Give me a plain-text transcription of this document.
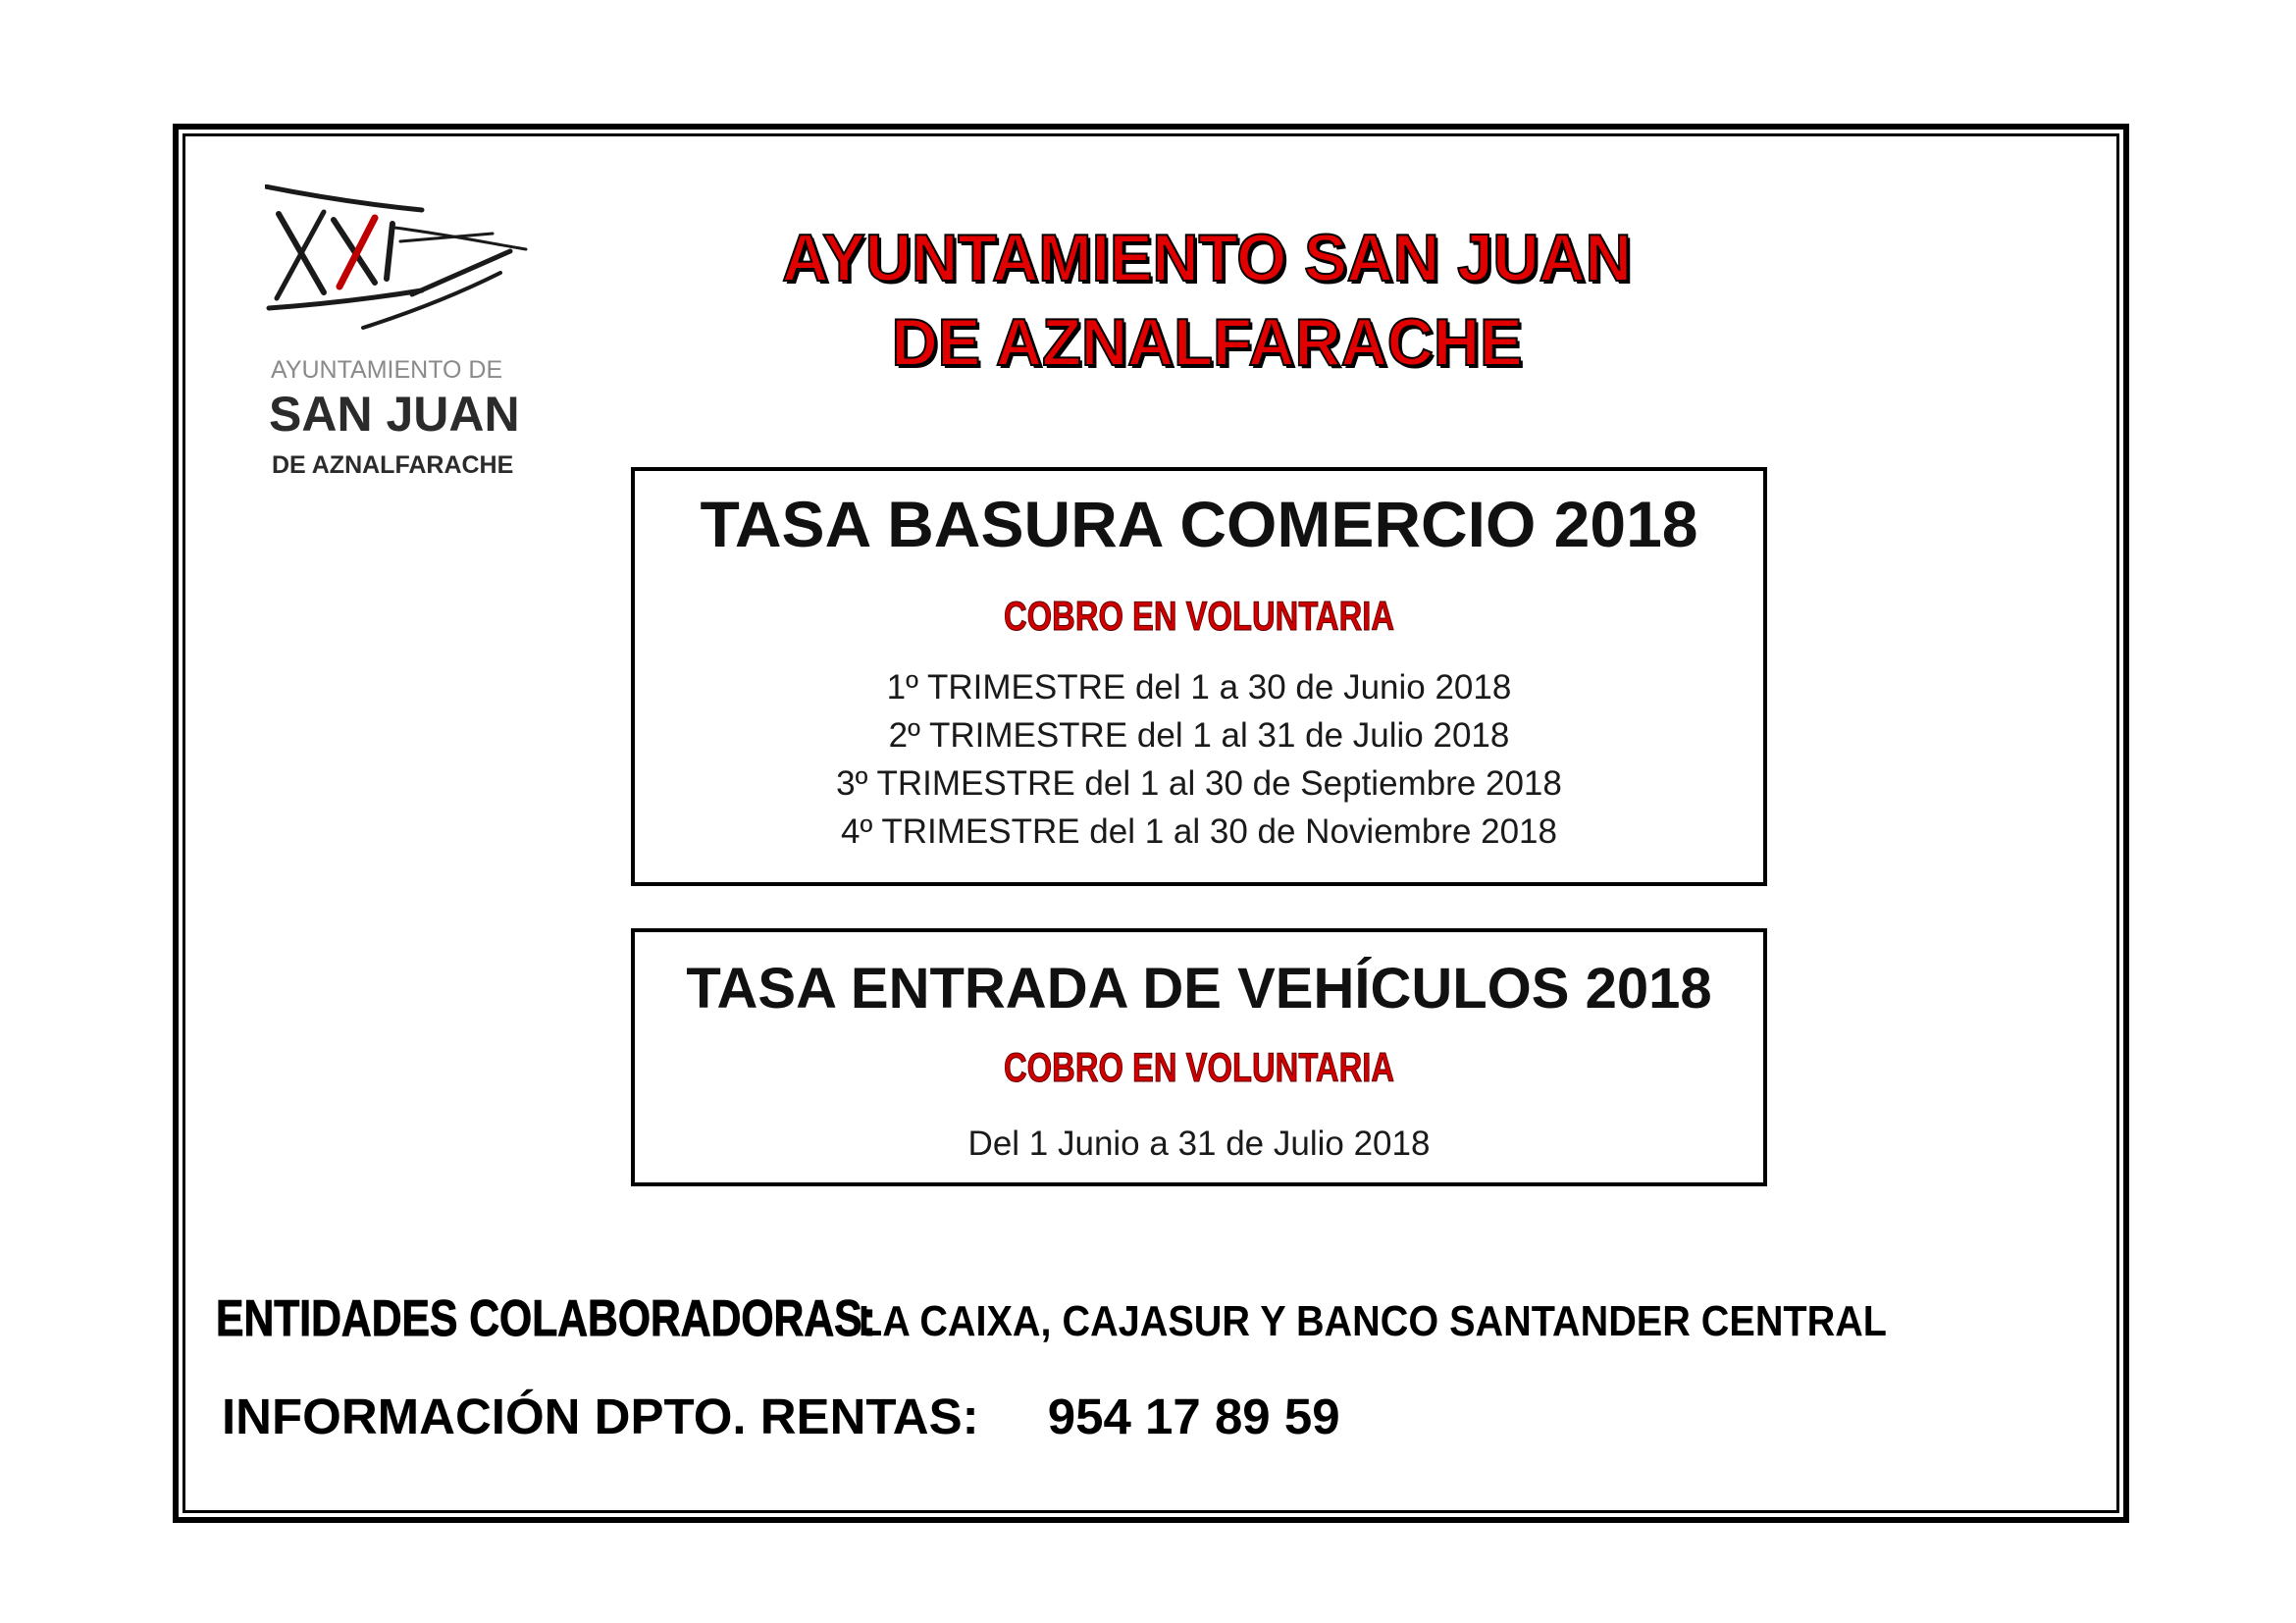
AYUNTAMIENTO DE
SAN JUAN
DE AZNALFARACHE
AYUNTAMIENTO SAN JUAN
DE AZNALFARACHE
TASA BASURA COMERCIO 2018
COBRO EN VOLUNTARIA
1º TRIMESTRE del 1 a 30 de Junio 2018
2º TRIMESTRE del 1 al 31 de Julio 2018
3º TRIMESTRE del 1 al 30 de Septiembre 2018
4º TRIMESTRE del 1 al 30 de Noviembre 2018
TASA ENTRADA DE VEHÍCULOS 2018
COBRO EN VOLUNTARIA
Del 1 Junio a 31 de Julio 2018
ENTIDADES COLABORADORAS: LA CAIXA, CAJASUR Y BANCO SANTANDER CENTRAL
INFORMACIÓN DPTO. RENTAS: 954 17 89 59
